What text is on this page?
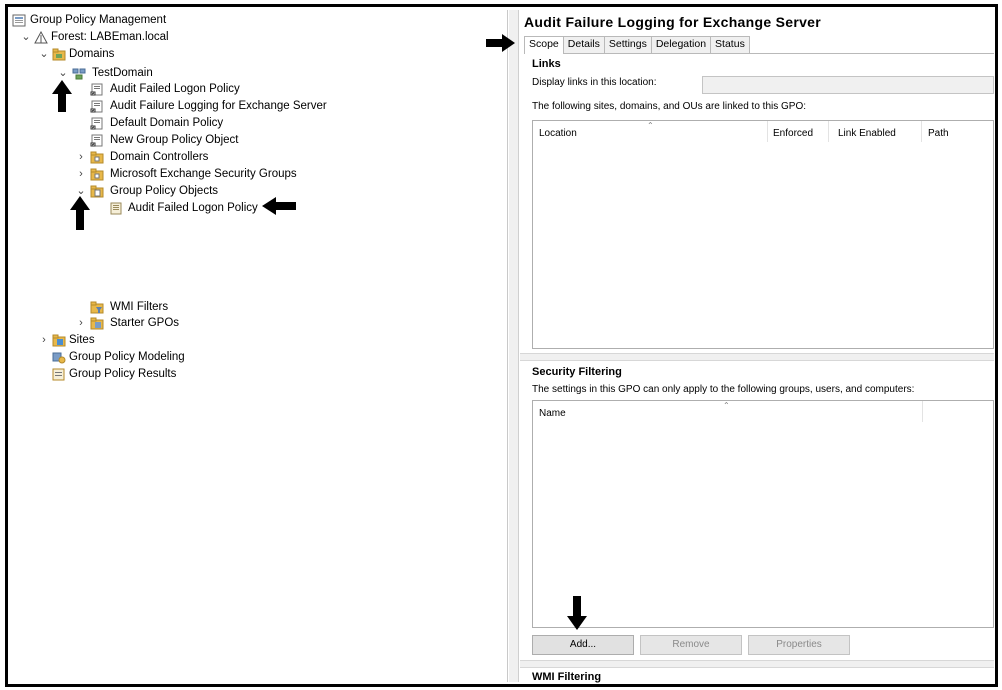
Group Policy Management
⌄ Forest: LABEman.local
⌄ Domains
⌄ TestDomain
Audit Failed Logon Policy
Audit Failure Logging for Exchange Server
Default Domain Policy
New Group Policy Object
›	Domain Controllers
›	Microsoft Exchange Security Groups
⌄ Group Policy Objects
Audit Failed Logon Policy
WMI Filters
›	Starter GPOs
›	Sites
Group Policy Modeling
Group Policy Results
Audit Failure Logging for Exchange Server
Scope Details Settings Delegation Status
Links
Display links in this location:
The following sites, domains, and OUs are linked to this GPO:
⌃
Location	Enforced Link Enabled	Path
Security Filtering
The settings in this GPO can only apply to the following groups, users, and computers:
⌃
Name
Add...	Remove	Properties
WMI Filtering
